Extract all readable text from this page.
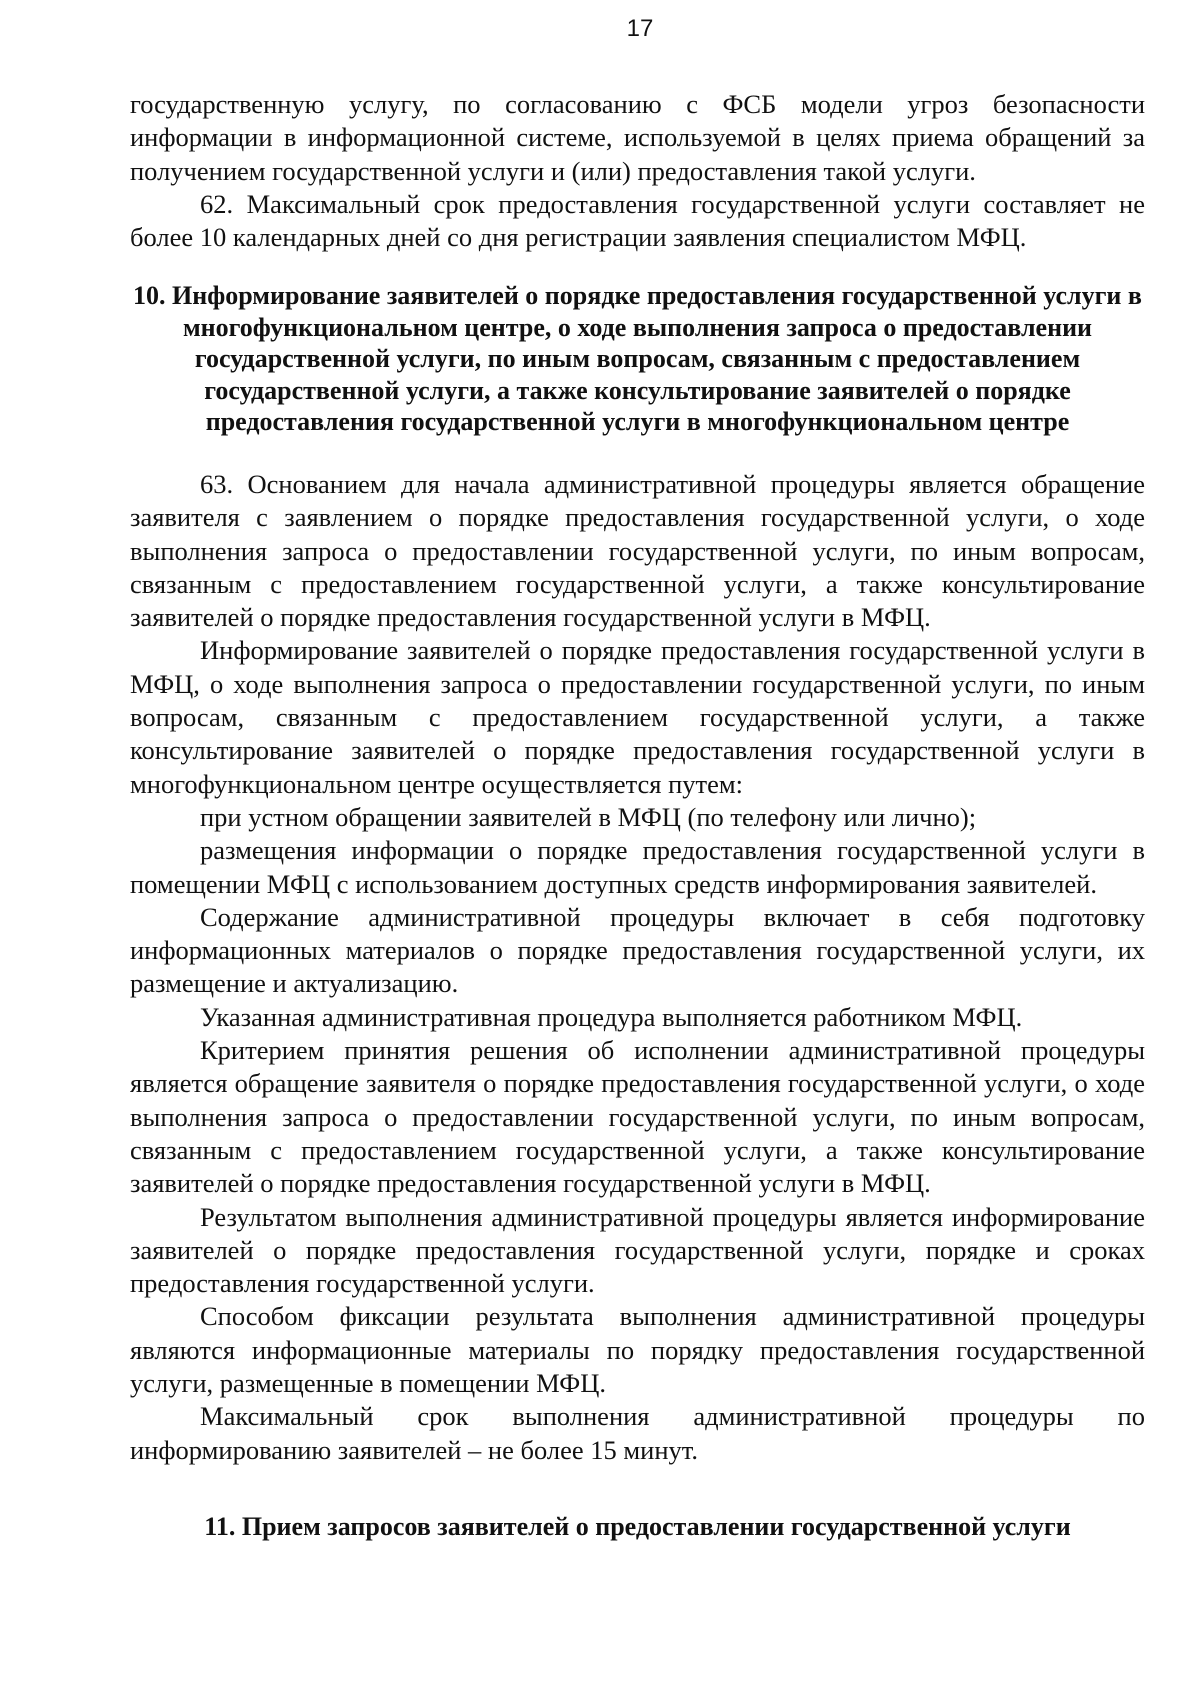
17

государственную услугу, по согласованию с ФСБ модели угроз безопасности информации в информационной системе, используемой в целях приема обращений за получением государственной услуги и (или) предоставления такой услуги.

62. Максимальный срок предоставления государственной услуги составляет не более 10 календарных дней со дня регистрации заявления специалистом МФЦ.

10. Информирование заявителей о порядке предоставления государственной услуги в многофункциональном центре, о ходе выполнения запроса о предоставлении государственной услуги, по иным вопросам, связанным с предоставлением государственной услуги, а также консультирование заявителей о порядке предоставления государственной услуги в многофункциональном центре

63. Основанием для начала административной процедуры является обращение заявителя с заявлением о порядке предоставления государственной услуги, о ходе выполнения запроса о предоставлении государственной услуги, по иным вопросам, связанным с предоставлением государственной услуги, а также консультирование заявителей о порядке предоставления государственной услуги в МФЦ.

Информирование заявителей о порядке предоставления государственной услуги в МФЦ, о ходе выполнения запроса о предоставлении государственной услуги, по иным вопросам, связанным с предоставлением государственной услуги, а также консультирование заявителей о порядке предоставления государственной услуги в многофункциональном центре осуществляется путем:

при устном обращении заявителей в МФЦ (по телефону или лично);

размещения информации о порядке предоставления государственной услуги в помещении МФЦ с использованием доступных средств информирования заявителей.

Содержание административной процедуры включает в себя подготовку информационных материалов о порядке предоставления государственной услуги, их размещение и актуализацию.

Указанная административная процедура выполняется работником МФЦ.

Критерием принятия решения об исполнении административной процедуры является обращение заявителя о порядке предоставления государственной услуги, о ходе выполнения запроса о предоставлении государственной услуги, по иным вопросам, связанным с предоставлением государственной услуги, а также консультирование заявителей о порядке предоставления государственной услуги в МФЦ.

Результатом выполнения административной процедуры является информирование заявителей о порядке предоставления государственной услуги, порядке и сроках предоставления государственной услуги.

Способом фиксации результата выполнения административной процедуры являются информационные материалы по порядку предоставления государственной услуги, размещенные в помещении МФЦ.

Максимальный срок выполнения административной процедуры по информированию заявителей – не более 15 минут.

11. Прием запросов заявителей о предоставлении государственной услуги
